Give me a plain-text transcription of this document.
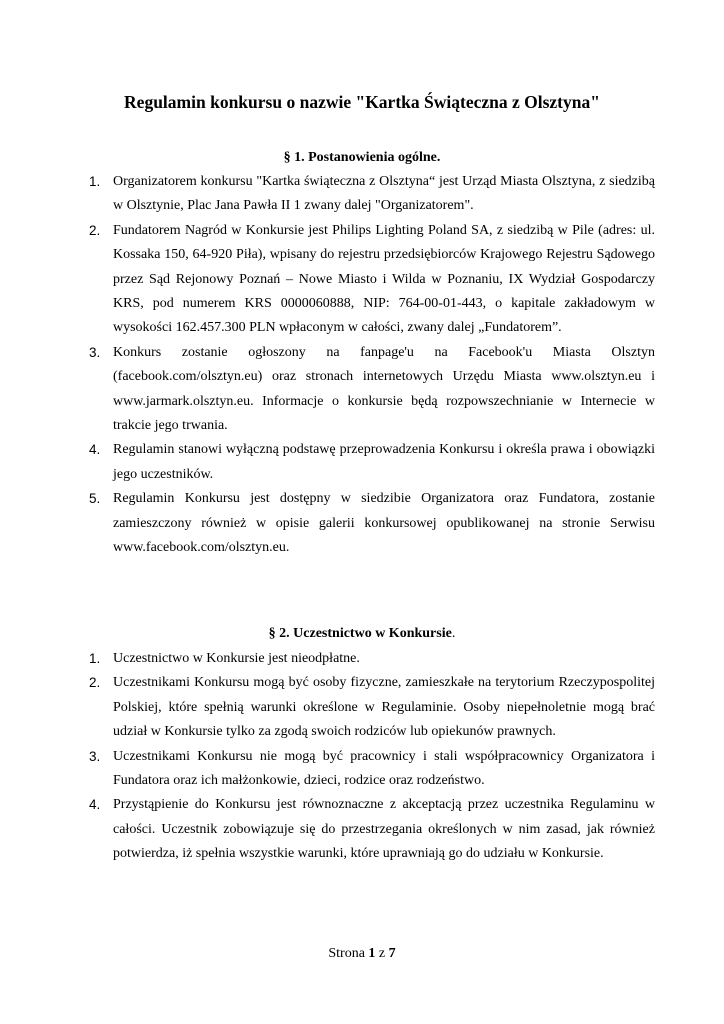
Regulamin konkursu o nazwie "Kartka Świąteczna z Olsztyna"
§ 1. Postanowienia ogólne.
1. Organizatorem konkursu "Kartka świąteczna z Olsztyna“ jest Urząd Miasta Olsztyna, z siedzibą w Olsztynie, Plac Jana Pawła II 1 zwany dalej "Organizatorem".
2. Fundatorem Nagród w Konkursie jest Philips Lighting Poland SA, z siedzibą w Pile (adres: ul. Kossaka 150, 64-920 Piła), wpisany do rejestru przedsiębiorców Krajowego Rejestru Sądowego przez Sąd Rejonowy Poznań – Nowe Miasto i Wilda w Poznaniu, IX Wydział Gospodarczy KRS, pod numerem KRS 0000060888, NIP: 764-00-01-443, o kapitale zakładowym w wysokości 162.457.300 PLN wpłaconym w całości, zwany dalej „Fundatorem”.
3. Konkurs zostanie ogłoszony na fanpage'u na Facebook'u Miasta Olsztyn (facebook.com/olsztyn.eu) oraz stronach internetowych Urzędu Miasta www.olsztyn.eu i www.jarmark.olsztyn.eu. Informacje o konkursie będą rozpowszechnianie w Internecie w trakcie jego trwania.
4. Regulamin stanowi wyłączną podstawę przeprowadzenia Konkursu i określa prawa i obowiązki jego uczestników.
5. Regulamin Konkursu jest dostępny w siedzibie Organizatora oraz Fundatora, zostanie zamieszczony również w opisie galerii konkursowej opublikowanej na stronie Serwisu www.facebook.com/olsztyn.eu.
§ 2. Uczestnictwo w Konkursie.
1. Uczestnictwo w Konkursie jest nieodpłatne.
2. Uczestnikami Konkursu mogą być osoby fizyczne, zamieszkałe na terytorium Rzeczypospolitej Polskiej, które spełnią warunki określone w Regulaminie. Osoby niepełnoletnie mogą brać udział w Konkursie tylko za zgodą swoich rodziców lub opiekunów prawnych.
3. Uczestnikami Konkursu nie mogą być pracownicy i stali współpracownicy Organizatora i Fundatora oraz ich małżonkowie, dzieci, rodzice oraz rodzeństwo.
4. Przystąpienie do Konkursu jest równoznaczne z akceptacją przez uczestnika Regulaminu w całości. Uczestnik zobowiązuje się do przestrzegania określonych w nim zasad, jak również potwierdza, iż spełnia wszystkie warunki, które uprawniają go do udziału w Konkursie.
Strona 1 z 7
